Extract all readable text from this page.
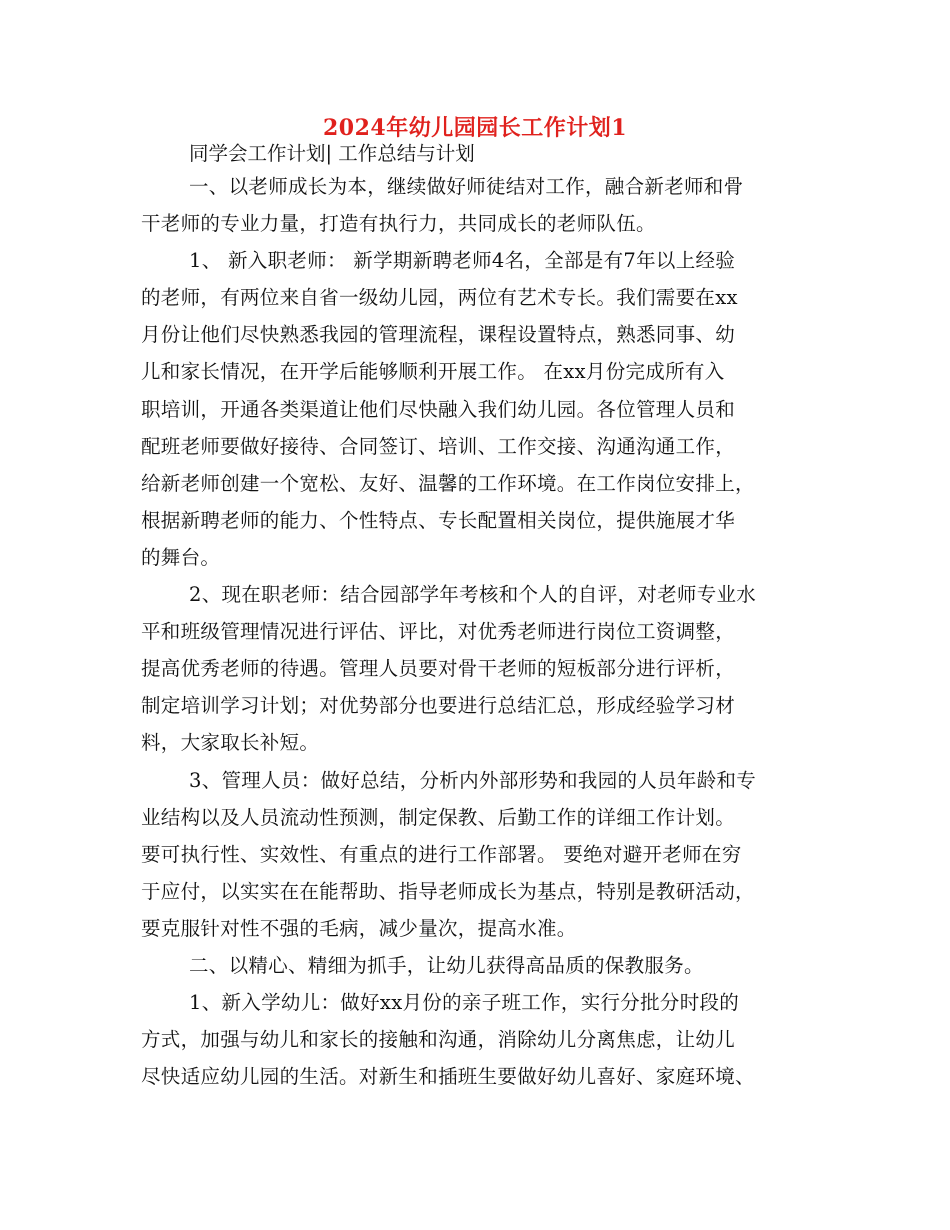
2024年幼儿园园长工作计划1
同学会工作计划| 工作总结与计划
一、以老师成长为本，继续做好师徒结对工作，融合新老师和骨
干老师的专业力量，打造有执行力，共同成长的老师队伍。
1、 新入职老师： 新学期新聘老师4名，全部是有7年以上经验
的老师，有两位来自省一级幼儿园，两位有艺术专长。我们需要在xx
月份让他们尽快熟悉我园的管理流程，课程设置特点，熟悉同事、幼
儿和家长情况，在开学后能够顺利开展工作。 在xx月份完成所有入
职培训，开通各类渠道让他们尽快融入我们幼儿园。各位管理人员和
配班老师要做好接待、合同签订、培训、工作交接、沟通沟通工作，
给新老师创建一个宽松、友好、温馨的工作环境。在工作岗位安排上，
根据新聘老师的能力、个性特点、专长配置相关岗位，提供施展才华
的舞台。
2、现在职老师：结合园部学年考核和个人的自评，对老师专业水
平和班级管理情况进行评估、评比，对优秀老师进行岗位工资调整，
提高优秀老师的待遇。管理人员要对骨干老师的短板部分进行评析，
制定培训学习计划；对优势部分也要进行总结汇总，形成经验学习材
料，大家取长补短。
3、管理人员：做好总结，分析内外部形势和我园的人员年龄和专
业结构以及人员流动性预测，制定保教、后勤工作的详细工作计划。
要可执行性、实效性、有重点的进行工作部署。 要绝对避开老师在穷
于应付，以实实在在能帮助、指导老师成长为基点，特别是教研活动，
要克服针对性不强的毛病，减少量次，提高水准。
二、以精心、精细为抓手，让幼儿获得高品质的保教服务。
1、新入学幼儿：做好xx月份的亲子班工作，实行分批分时段的
方式，加强与幼儿和家长的接触和沟通，消除幼儿分离焦虑，让幼儿
尽快适应幼儿园的生活。对新生和插班生要做好幼儿喜好、家庭环境、
